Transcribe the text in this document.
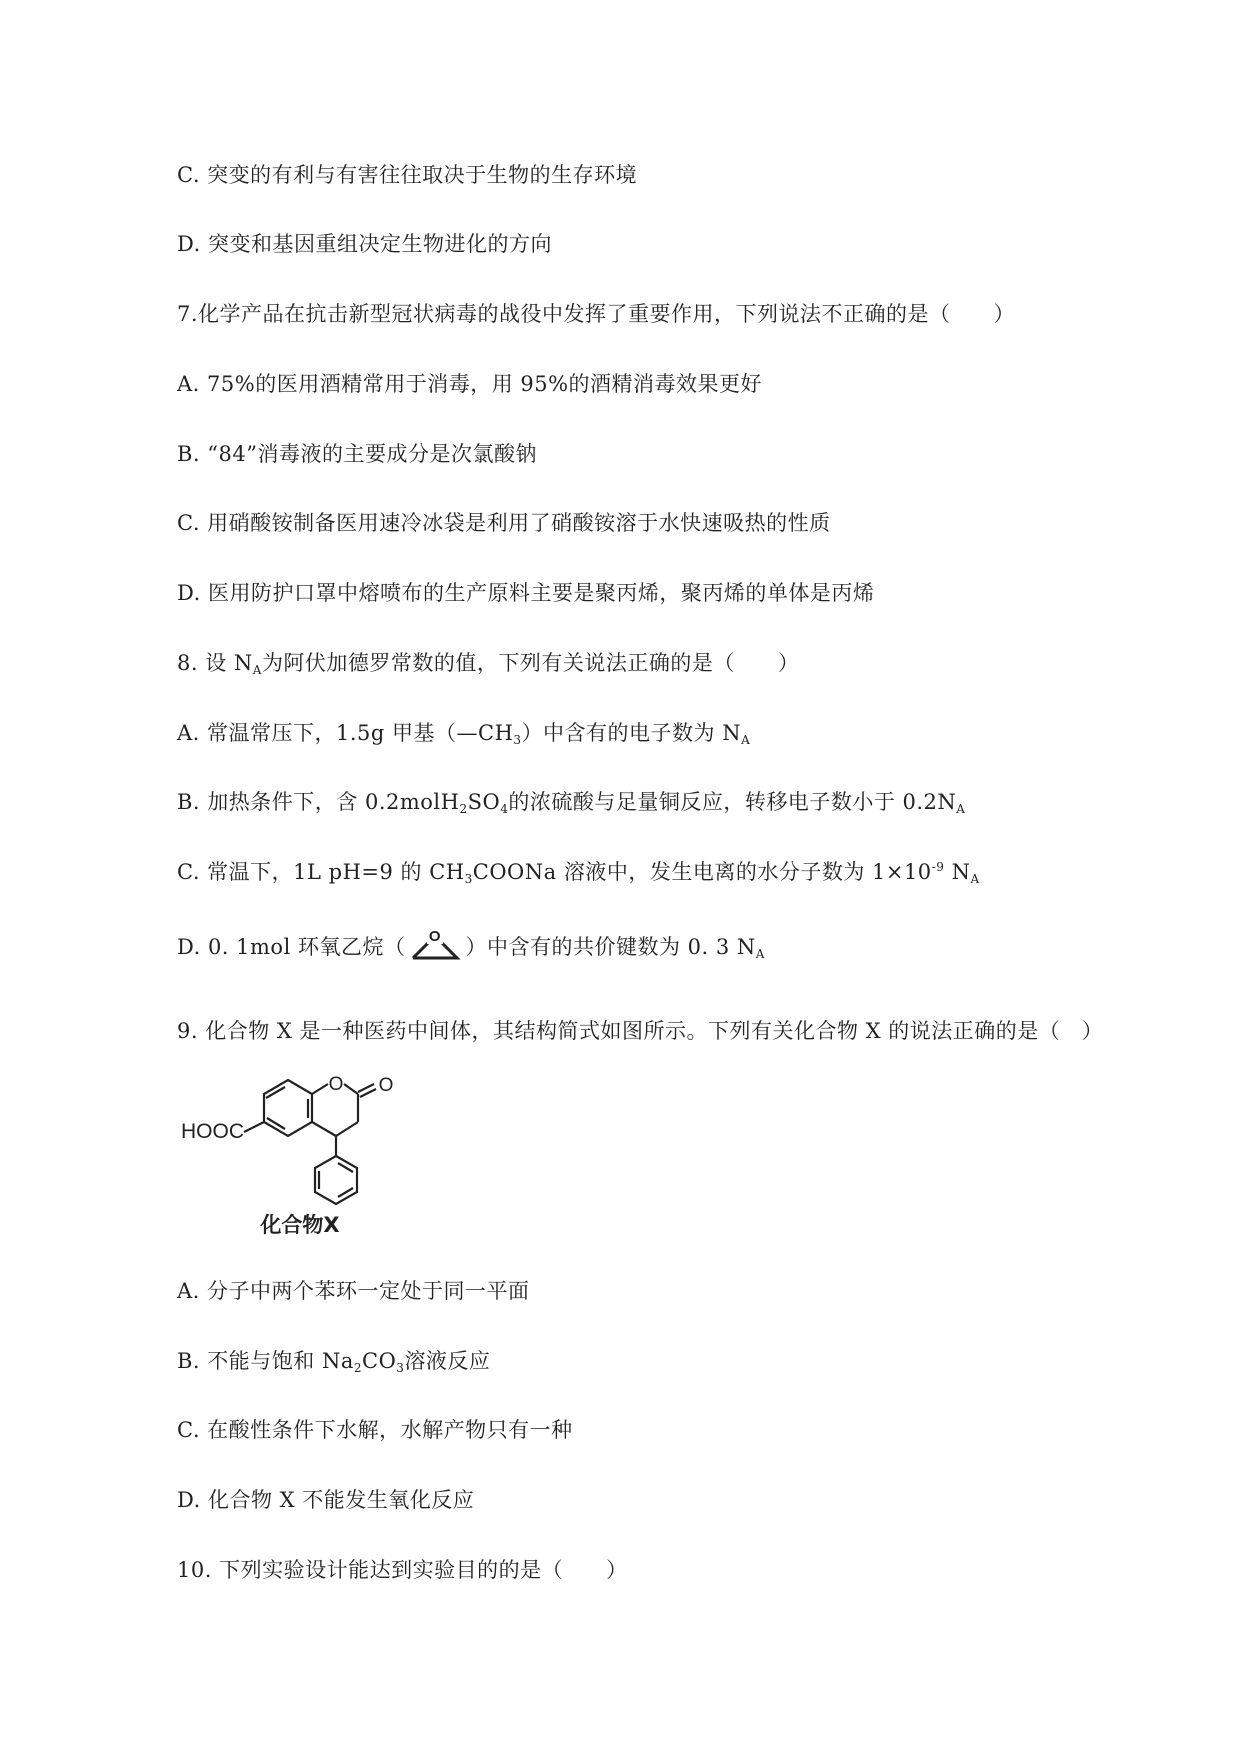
C. 突变的有利与有害往往取决于生物的生存环境
D. 突变和基因重组决定生物进化的方向
7.化学产品在抗击新型冠状病毒的战役中发挥了重要作用，下列说法不正确的是（　　）
A. 75%的医用酒精常用于消毒，用 95%的酒精消毒效果更好
B. “84”消毒液的主要成分是次氯酸钠
C. 用硝酸铵制备医用速冷冰袋是利用了硝酸铵溶于水快速吸热的性质
D. 医用防护口罩中熔喷布的生产原料主要是聚丙烯，聚丙烯的单体是丙烯
8. 设 $N_A$为阿伏加德罗常数的值，下列有关说法正确的是（　　）
A. 常温常压下，1.5g 甲基$(—CH_3)$中含有的电子数为 $N_A$
B. 加热条件下，含 $0.2molH_2SO_4$的浓硫酸与足量铜反应，转移电子数小于 $0.2N_A$
C. 常温下，1L pH=9 的 $CH_3COONa$ 溶液中，发生电离的水分子数为 $1\times 10^{-9}$ $N_A$
D. 0. 1mol 环氧乙烷（ O ）中含有的共价键数为 0. 3 $N_A$
9. 化合物 X 是一种医药中间体，其结构简式如图所示。下列有关化合物 X 的说法正确的是（　）
O O
HOOC
化合物X
A. 分子中两个苯环一定处于同一平面
B. 不能与饱和 $Na_2CO_3$溶液反应
C. 在酸性条件下水解，水解产物只有一种
D. 化合物 X 不能发生氧化反应
10. 下列实验设计能达到实验目的的是（　　）
